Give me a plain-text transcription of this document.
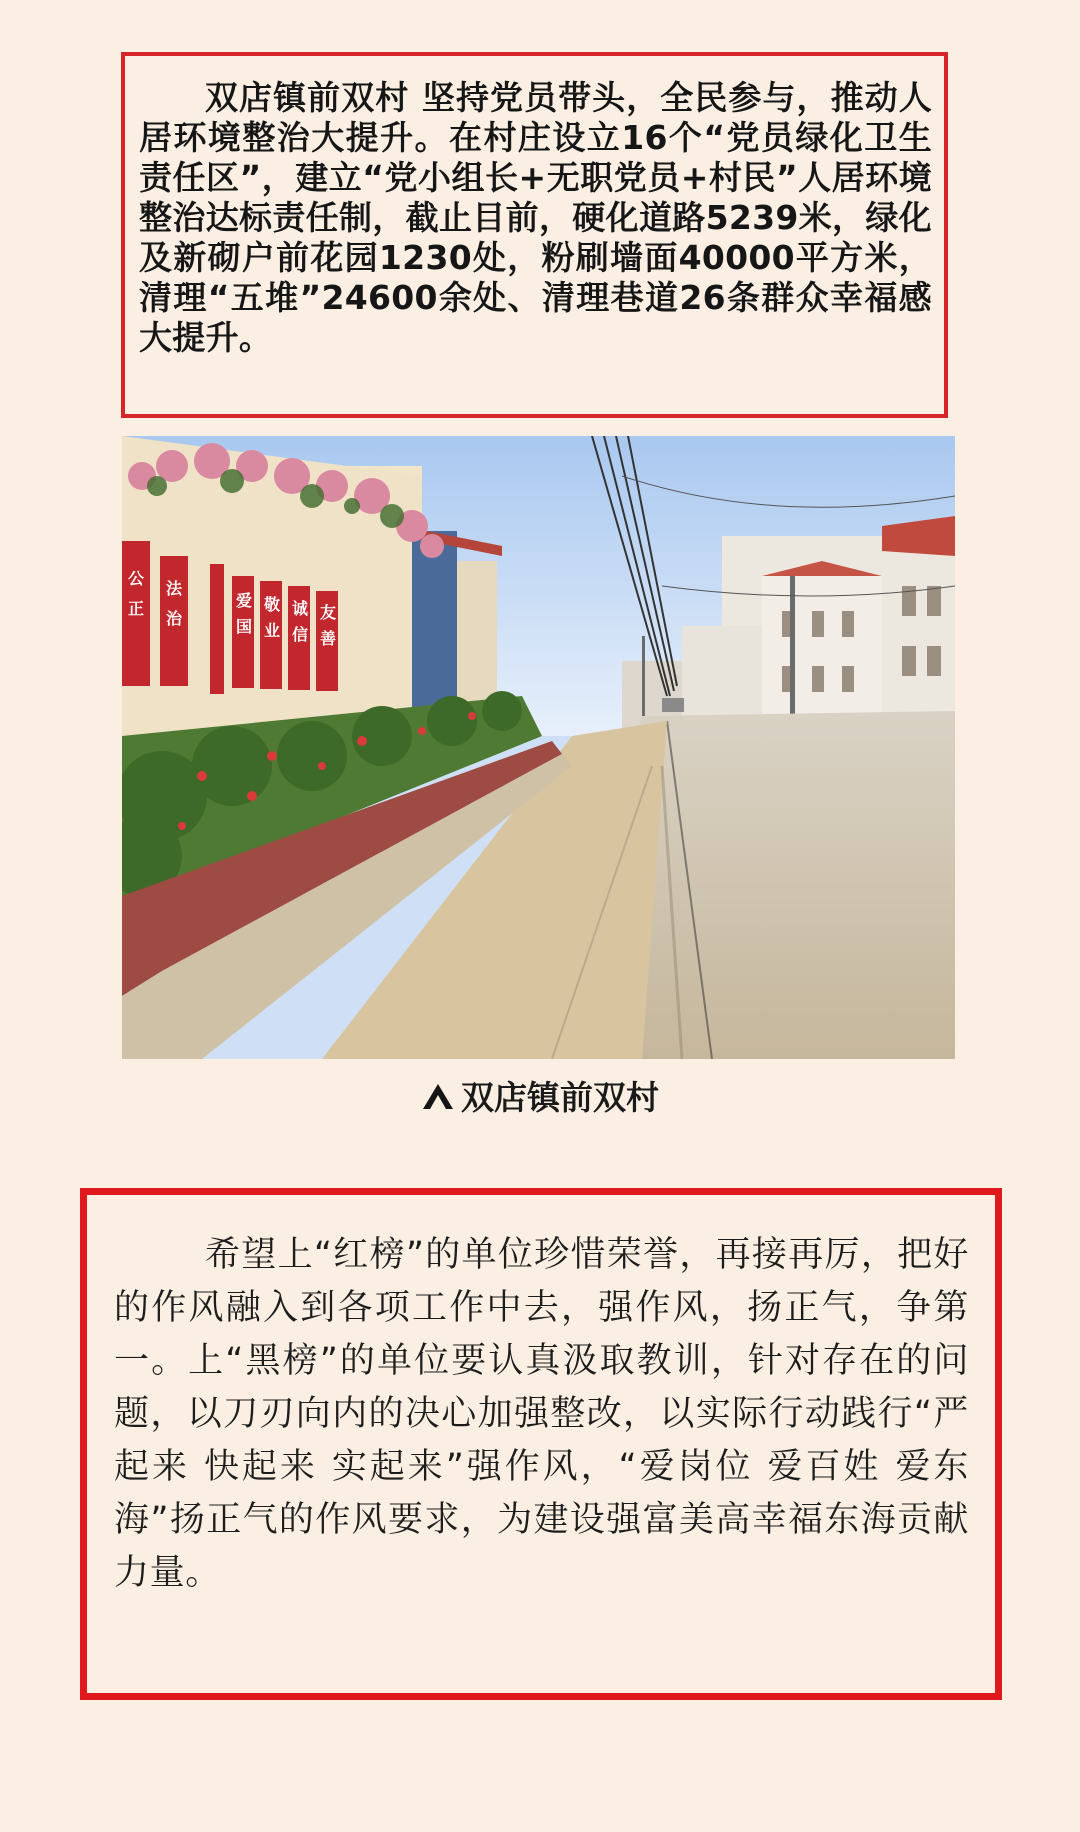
双店镇前双村 坚持党员带头，全民参与，推动人居环境整治大提升。在村庄设立16个“党员绿化卫生责任区”，建立“党小组长+无职党员+村民”人居环境整治达标责任制，截止目前，硬化道路5239米，绿化及新砌户前花园1230处，粉刷墙面40000平方米，清理“五堆”24600余处、清理巷道26条群众幸福感大提升。

公
正
法
治
爱
国
敬
业
诚
信
友
善
双店镇前双村

希望上“红榜”的单位珍惜荣誉，再接再厉，把好的作风融入到各项工作中去，强作风，扬正气，争第一。上“黑榜”的单位要认真汲取教训，针对存在的问题，以刀刃向内的决心加强整改，以实际行动践行“严起来 快起来 实起来”强作风，“爱岗位 爱百姓 爱东海”扬正气的作风要求，为建设强富美高幸福东海贡献力量。
